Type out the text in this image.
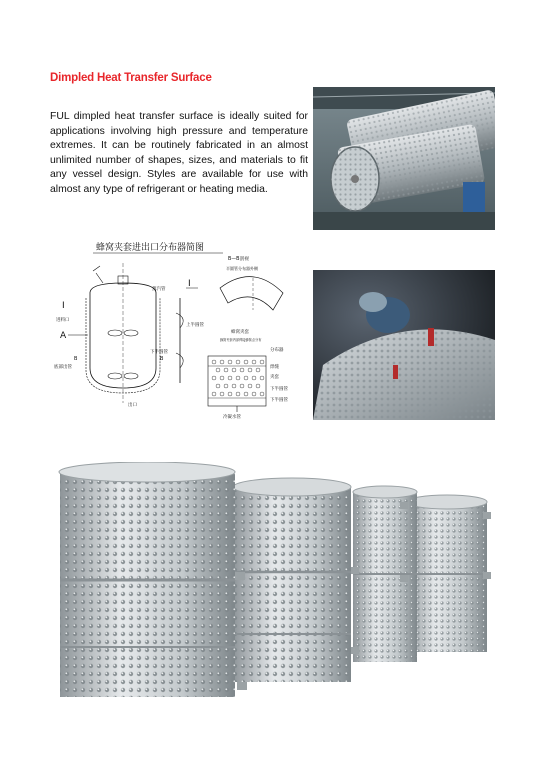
Dimpled Heat Transfer Surface
FUL dimpled heat transfer surface is ideally suited for applications involving high pressure and temperature extremes. It can be routinely fabricated in an almost unlimited number of shapes, sizes, and materials to fit any vessel design. Styles are available for use with almost any type of refrigerant or heating media.
蜂窝夹套进出口分布器简图
I
A
进料口
底部出管
B	B
出口
蒸汽管
I
上半圆管
下半圆管
B—B剖视
半圆管分布器外侧
蜂窝夹套
蜂窝夹套内部焊接蜂窝点分布
分布器
焊缝
夹套
下半圆管
下半圆管
冷凝水管
